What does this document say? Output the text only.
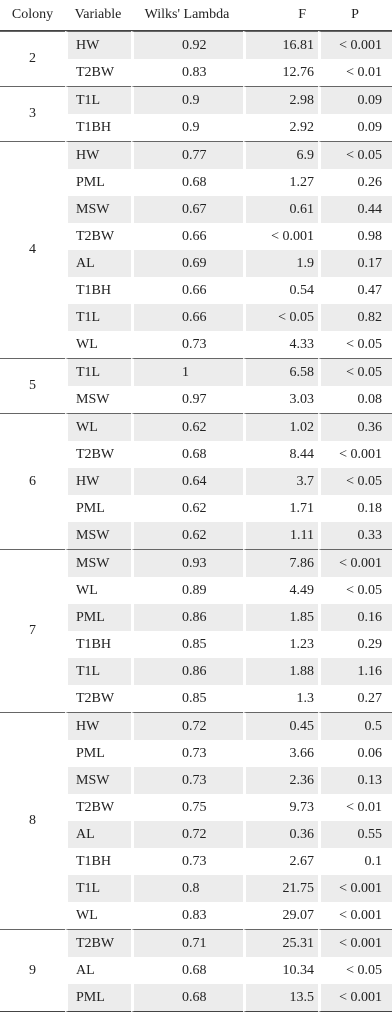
Colony	Variable	Wilks' Lambda	F	P
2	HW	0.92	16.81	< 0.001
	T2BW	0.83	12.76	< 0.01
3	T1L	0.9	2.98	0.09
	T1BH	0.9	2.92	0.09
4	HW	0.77	6.9	< 0.05
	PML	0.68	1.27	0.26
	MSW	0.67	0.61	0.44
	T2BW	0.66	< 0.001	0.98
	AL	0.69	1.9	0.17
	T1BH	0.66	0.54	0.47
	T1L	0.66	< 0.05	0.82
	WL	0.73	4.33	< 0.05
5	T1L	1	6.58	< 0.05
	MSW	0.97	3.03	0.08
6	WL	0.62	1.02	0.36
	T2BW	0.68	8.44	< 0.001
	HW	0.64	3.7	< 0.05
	PML	0.62	1.71	0.18
	MSW	0.62	1.11	0.33
7	MSW	0.93	7.86	< 0.001
	WL	0.89	4.49	< 0.05
	PML	0.86	1.85	0.16
	T1BH	0.85	1.23	0.29
	T1L	0.86	1.88	1.16
	T2BW	0.85	1.3	0.27
8	HW	0.72	0.45	0.5
	PML	0.73	3.66	0.06
	MSW	0.73	2.36	0.13
	T2BW	0.75	9.73	< 0.01
	AL	0.72	0.36	0.55
	T1BH	0.73	2.67	0.1
	T1L	0.8	21.75	< 0.001
	WL	0.83	29.07	< 0.001
9	T2BW	0.71	25.31	< 0.001
	AL	0.68	10.34	< 0.05
	PML	0.68	13.5	< 0.001
